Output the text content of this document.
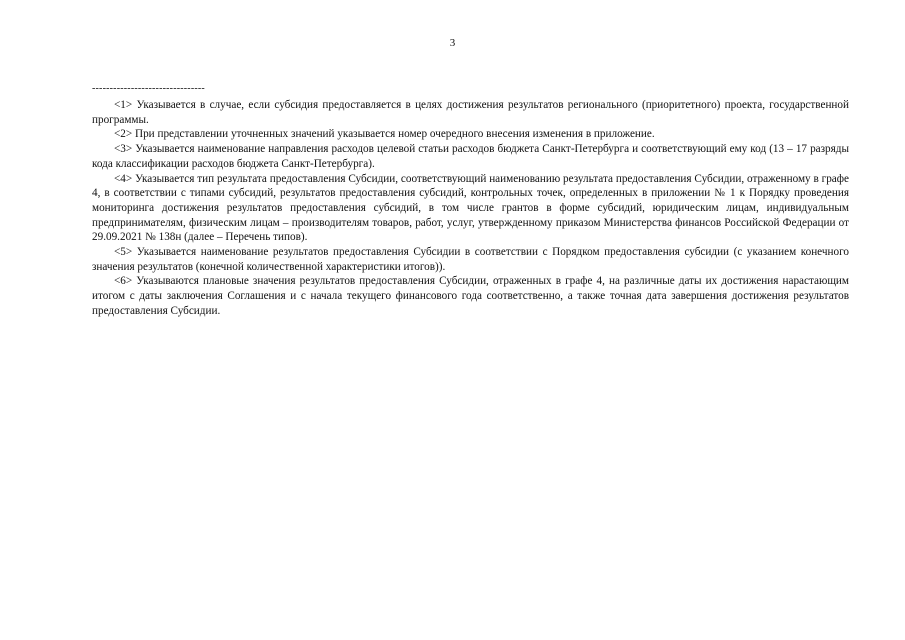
3
--------------------------------

<1> Указывается в случае, если субсидия предоставляется в целях достижения результатов регионального (приоритетного) проекта, государственной программы.

<2> При представлении уточненных значений указывается номер очередного внесения изменения в приложение.

<3> Указывается наименование направления расходов целевой статьи расходов бюджета Санкт-Петербурга и соответствующий ему код (13 – 17 разряды кода классификации расходов бюджета Санкт-Петербурга).

<4> Указывается тип результата предоставления Субсидии, соответствующий наименованию результата предоставления Субсидии, отраженному в графе 4, в соответствии с типами субсидий, результатов предоставления субсидий, контрольных точек, определенных в приложении № 1 к Порядку проведения мониторинга достижения результатов предоставления субсидий, в том числе грантов в форме субсидий, юридическим лицам, индивидуальным предпринимателям, физическим лицам – производителям товаров, работ, услуг, утвержденному приказом Министерства финансов Российской Федерации от 29.09.2021 № 138н (далее – Перечень типов).

<5> Указывается наименование результатов предоставления Субсидии в соответствии с Порядком предоставления субсидии (с указанием конечного значения результатов (конечной количественной характеристики итогов)).

<6> Указываются плановые значения результатов предоставления Субсидии, отраженных в графе 4, на различные даты их достижения нарастающим итогом с даты заключения Соглашения и с начала текущего финансового года соответственно, а также точная дата завершения достижения результатов предоставления Субсидии.
